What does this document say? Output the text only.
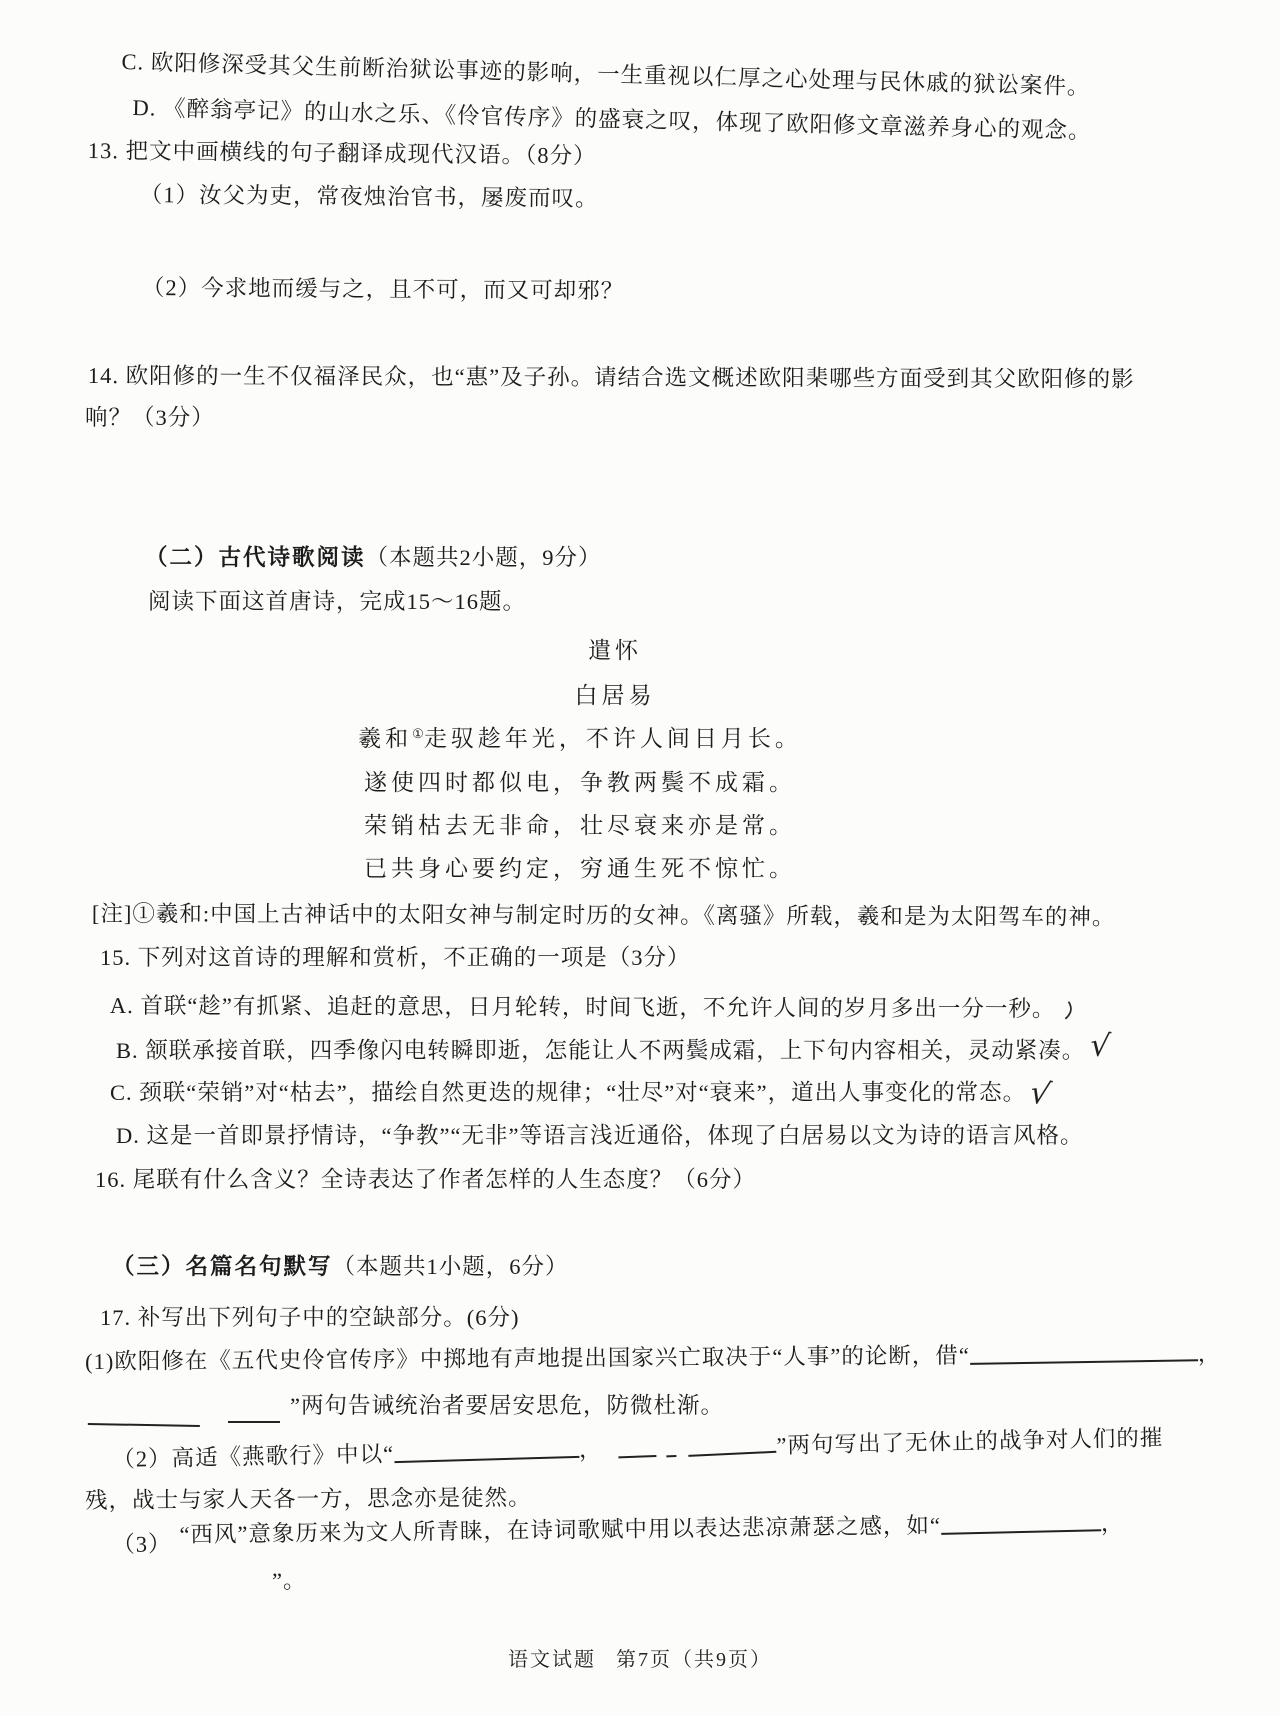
C. 欧阳修深受其父生前断治狱讼事迹的影响，一生重视以仁厚之心处理与民休戚的狱讼案件。
D. 《醉翁亭记》的山水之乐、《伶官传序》的盛衰之叹，体现了欧阳修文章滋养身心的观念。
13. 把文中画横线的句子翻译成现代汉语。（8分）
（1）汝父为吏，常夜烛治官书，屡废而叹。
（2）今求地而缓与之，且不可，而又可却邪？
14. 欧阳修的一生不仅福泽民众，也“惠”及子孙。请结合选文概述欧阳棐哪些方面受到其父欧阳修的影
响？（3分）
（二）古代诗歌阅读（本题共2小题，9分）
阅读下面这首唐诗，完成15～16题。
遣怀
白居易
羲和①走驭趁年光，不许人间日月长。
遂使四时都似电，争教两鬓不成霜。
荣销枯去无非命，壮尽衰来亦是常。
已共身心要约定，穷通生死不惊忙。
[注]①羲和:中国上古神话中的太阳女神与制定时历的女神。《离骚》所载，羲和是为太阳驾车的神。
15. 下列对这首诗的理解和赏析，不正确的一项是（3分）
A. 首联“趁”有抓紧、追赶的意思，日月轮转，时间飞逝，不允许人间的岁月多出一分一秒。
B. 颔联承接首联，四季像闪电转瞬即逝，怎能让人不两鬓成霜，上下句内容相关，灵动紧凑。 √
C. 颈联“荣销”对“枯去”，描绘自然更迭的规律；“壮尽”对“衰来”，道出人事变化的常态。√
D. 这是一首即景抒情诗，“争教”“无非”等语言浅近通俗，体现了白居易以文为诗的语言风格。
16. 尾联有什么含义？全诗表达了作者怎样的人生态度？（6分）
（三）名篇名句默写（本题共1小题，6分）
17. 补写出下列句子中的空缺部分。(6分)
(1)欧阳修在《五代史伶官传序》中掷地有声地提出国家兴亡取决于“人事”的论断，借“	，
”两句告诫统治者要居安思危，防微杜渐。
（2）高适《燕歌行》中以“	，	”两句写出了无休止的战争对人们的摧
残，战士与家人天各一方，思念亦是徒然。
（3） “西风”意象历来为文人所青睐，在诗词歌赋中用以表达悲凉萧瑟之感，如“	，
”。
语文试题 第7页（共9页）
